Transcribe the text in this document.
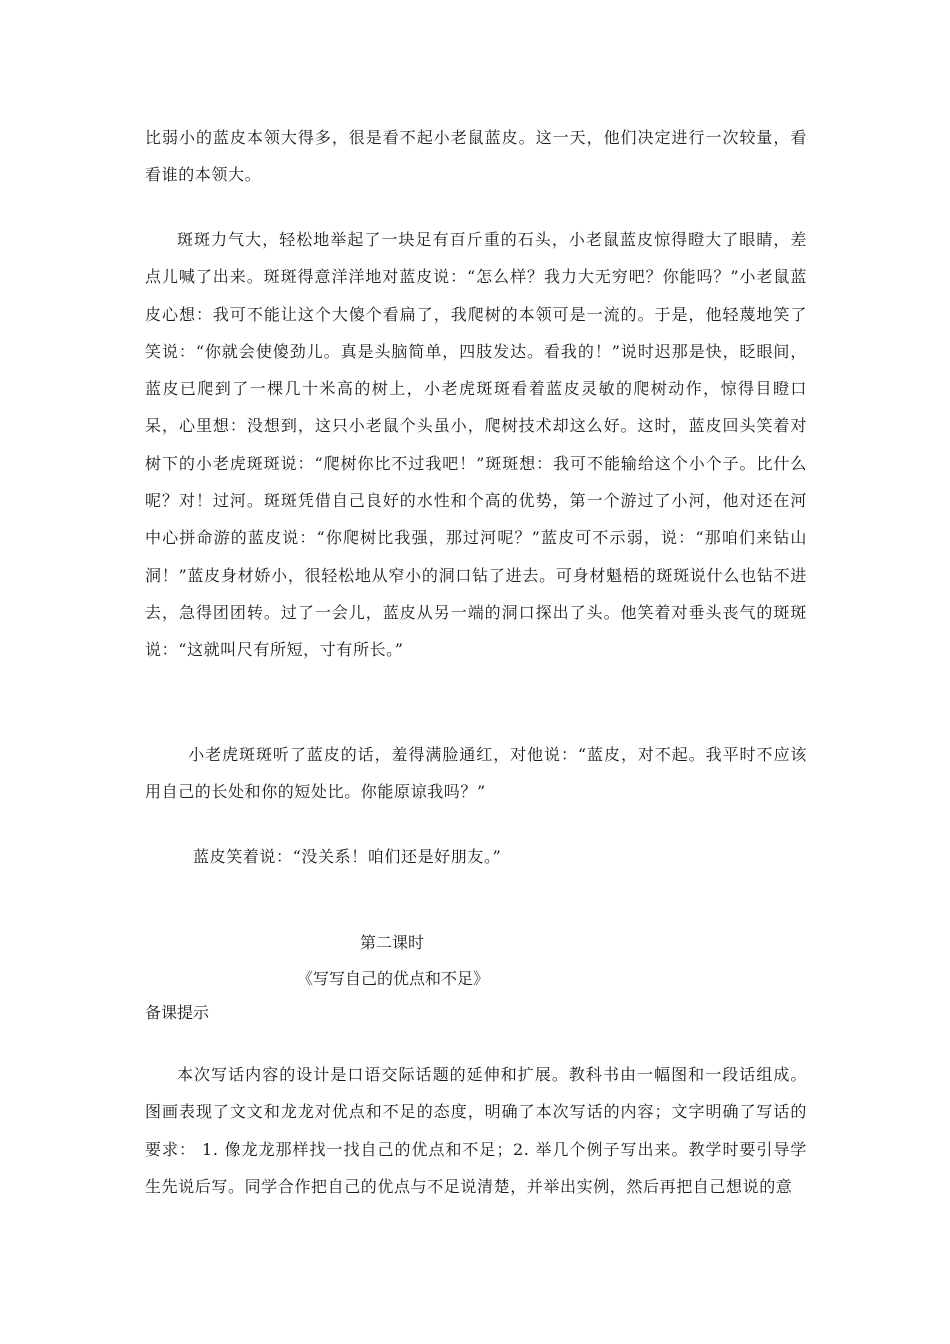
比弱小的蓝皮本领大得多，很是看不起小老鼠蓝皮。这一天，他们决定进行一次较量，看看谁的本领大。

斑斑力气大，轻松地举起了一块足有百斤重的石头，小老鼠蓝皮惊得瞪大了眼睛，差点儿喊了出来。斑斑得意洋洋地对蓝皮说：“怎么样？我力大无穷吧？你能吗？”小老鼠蓝皮心想：我可不能让这个大傻个看扁了，我爬树的本领可是一流的。于是，他轻蔑地笑了笑说：“你就会使傻劲儿。真是头脑简单，四肢发达。看我的！”说时迟那是快，眨眼间，蓝皮已爬到了一棵几十米高的树上，小老虎斑斑看着蓝皮灵敏的爬树动作，惊得目瞪口呆，心里想：没想到，这只小老鼠个头虽小，爬树技术却这么好。这时，蓝皮回头笑着对树下的小老虎斑斑说：“爬树你比不过我吧！”斑斑想：我可不能输给这个小个子。比什么呢？对！过河。斑斑凭借自己良好的水性和个高的优势，第一个游过了小河，他对还在河中心拼命游的蓝皮说：“你爬树比我强，那过河呢？”蓝皮可不示弱，说：“那咱们来钻山洞！”蓝皮身材娇小，很轻松地从窄小的洞口钻了进去。可身材魁梧的斑斑说什么也钻不进去，急得团团转。过了一会儿，蓝皮从另一端的洞口探出了头。他笑着对垂头丧气的斑斑说：“这就叫尺有所短，寸有所长。”

小老虎斑斑听了蓝皮的话，羞得满脸通红，对他说：“蓝皮，对不起。我平时不应该用自己的长处和你的短处比。你能原谅我吗？”

蓝皮笑着说：“没关系！咱们还是好朋友。”

第二课时

《写写自己的优点和不足》

备课提示

本次写话内容的设计是口语交际话题的延伸和扩展。教科书由一幅图和一段话组成。图画表现了文文和龙龙对优点和不足的态度，明确了本次写话的内容；文字明确了写话的要求： 1. 像龙龙那样找一找自己的优点和不足；2. 举几个例子写出来。教学时要引导学生先说后写。同学合作把自己的优点与不足说清楚，并举出实例，然后再把自己想说的意
